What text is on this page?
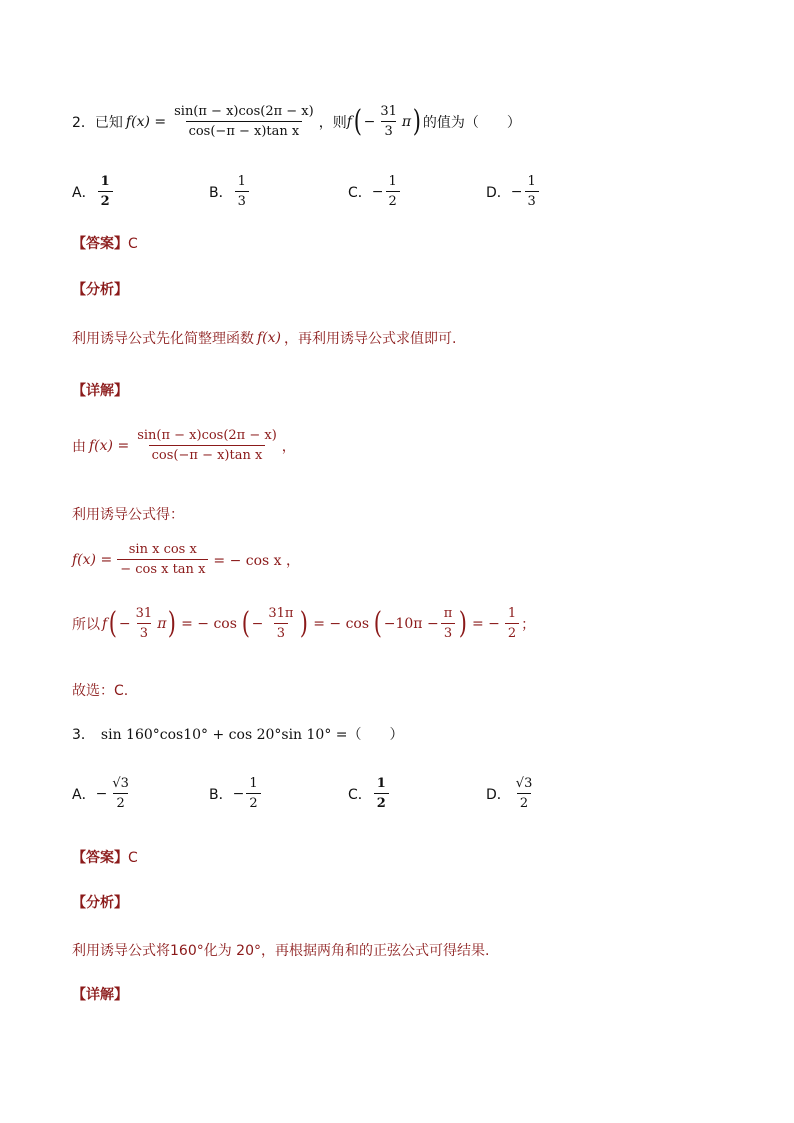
2． 已知 $f(x) = \frac{\sin(\pi - x)\cos(2\pi - x)}{\text{cos(−π − x)tan x}}$ ，则 f ( − $\frac{31}{3}$ π ) 的值为（　　）
A． $\frac{1}{2}$	B． $\frac{1}{3}$	C． − $\frac{1}{2}$	D． − $\frac{1}{3}$
【答案】C
【分析】
利用诱导公式先化简整理函数 f(x) ，再利用诱导公式求值即可.
【详解】
由 $f(x) = \frac{\sin(\pi - x)\cos(2\pi - x)}{\text{cos(−π − x)tan x}}$ ，
利用诱导公式得：
$f(x) = \frac{\text{sin x cos x}}{\text{− cos x tan x}}$ = − cos x ，
所以 f ( − $\frac{31}{3}$ π ) = − cos ( − $\frac{31\pi}{3}$ ) = − cos ( $-10\pi - \frac{\pi}{3}$ ) = − $\frac{1}{2}$ ；
故选：C.
3． sin 160°cos10° + cos 20°sin 10° =（　　）
A． − $\frac{√3}{2}$	B． − $\frac{1}{2}$	C． $\frac{1}{2}$	D． $\frac{√3}{2}$
【答案】C
【分析】
利用诱导公式将160°化为 20°，再根据两角和的正弦公式可得结果.
【详解】
